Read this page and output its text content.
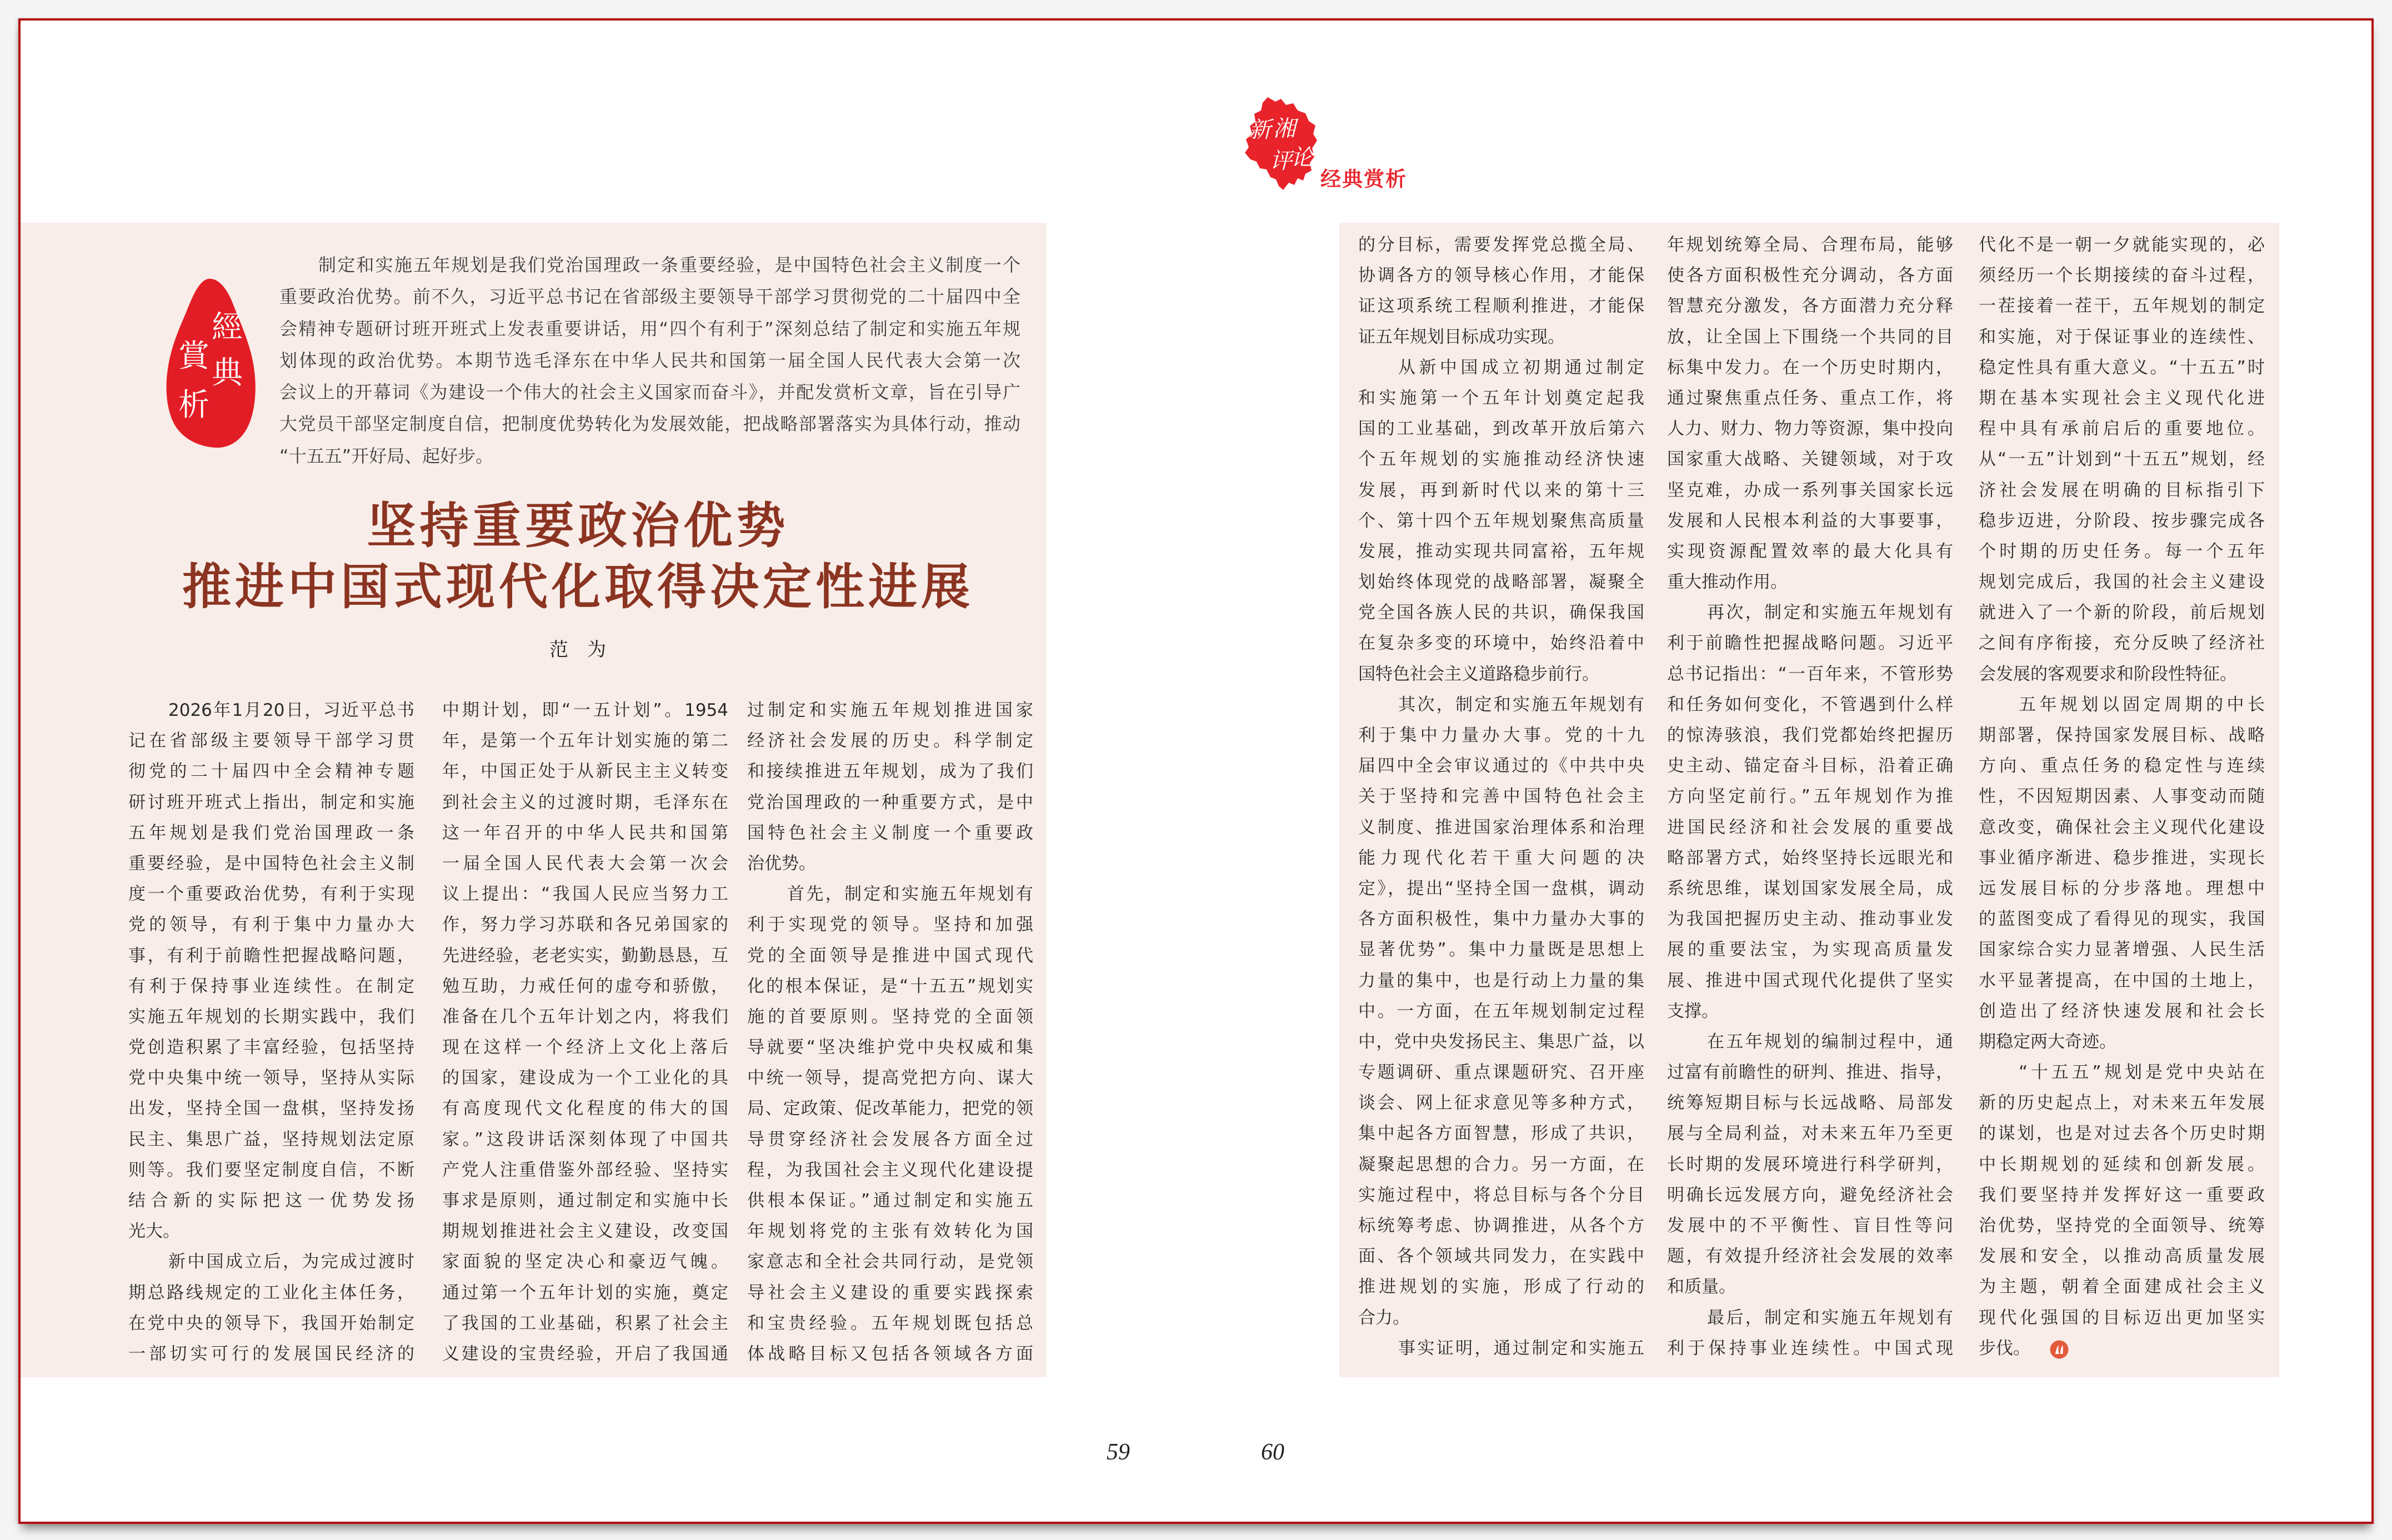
新 湘
评
论
经典赏析
經
典
賞
析
制定和实施五年规划是我们党治国理政一条重要经验，是中国特色社会主义制度一个
重要政治优势。前不久，习近平总书记在省部级主要领导干部学习贯彻党的二十届四中全
会精神专题研讨班开班式上发表重要讲话，用“四个有利于”深刻总结了制定和实施五年规
划体现的政治优势。本期节选毛泽东在中华人民共和国第一届全国人民代表大会第一次
会议上的开幕词《为建设一个伟大的社会主义国家而奋斗》，并配发赏析文章，旨在引导广
大党员干部坚定制度自信，把制度优势转化为发展效能，把战略部署落实为具体行动，推动
“十五五”开好局、起好步。
坚持重要政治优势
推进中国式现代化取得决定性进展
范　为
2026年1月20日，习近平总书
记在省部级主要领导干部学习贯
彻党的二十届四中全会精神专题
研讨班开班式上指出，制定和实施
五年规划是我们党治国理政一条
重要经验，是中国特色社会主义制
度一个重要政治优势，有利于实现
党的领导，有利于集中力量办大
事，有利于前瞻性把握战略问题，
有利于保持事业连续性。在制定
实施五年规划的长期实践中，我们
党创造积累了丰富经验，包括坚持
党中央集中统一领导，坚持从实际
出发，坚持全国一盘棋，坚持发扬
民主、集思广益，坚持规划法定原
则等。我们要坚定制度自信，不断
结合新的实际把这一优势发扬
光大。
新中国成立后，为完成过渡时
期总路线规定的工业化主体任务，
在党中央的领导下，我国开始制定
一部切实可行的发展国民经济的
中期计划，即“一五计划”。1954
年，是第一个五年计划实施的第二
年，中国正处于从新民主主义转变
到社会主义的过渡时期，毛泽东在
这一年召开的中华人民共和国第
一届全国人民代表大会第一次会
议上提出：“我国人民应当努力工
作，努力学习苏联和各兄弟国家的
先进经验，老老实实，勤勤恳恳，互
勉互助，力戒任何的虚夸和骄傲，
准备在几个五年计划之内，将我们
现在这样一个经济上文化上落后
的国家，建设成为一个工业化的具
有高度现代文化程度的伟大的国
家。”这段讲话深刻体现了中国共
产党人注重借鉴外部经验、坚持实
事求是原则，通过制定和实施中长
期规划推进社会主义建设，改变国
家面貌的坚定决心和豪迈气魄。
通过第一个五年计划的实施，奠定
了我国的工业基础，积累了社会主
义建设的宝贵经验，开启了我国通
过制定和实施五年规划推进国家
经济社会发展的历史。科学制定
和接续推进五年规划，成为了我们
党治国理政的一种重要方式，是中
国特色社会主义制度一个重要政
治优势。
首先，制定和实施五年规划有
利于实现党的领导。坚持和加强
党的全面领导是推进中国式现代
化的根本保证，是“十五五”规划实
施的首要原则。坚持党的全面领
导就要“坚决维护党中央权威和集
中统一领导，提高党把方向、谋大
局、定政策、促改革能力，把党的领
导贯穿经济社会发展各方面全过
程，为我国社会主义现代化建设提
供根本保证。”通过制定和实施五
年规划将党的主张有效转化为国
家意志和全社会共同行动，是党领
导社会主义建设的重要实践探索
和宝贵经验。五年规划既包括总
体战略目标又包括各领域各方面
的分目标，需要发挥党总揽全局、
协调各方的领导核心作用，才能保
证这项系统工程顺利推进，才能保
证五年规划目标成功实现。
从新中国成立初期通过制定
和实施第一个五年计划奠定起我
国的工业基础，到改革开放后第六
个五年规划的实施推动经济快速
发展，再到新时代以来的第十三
个、第十四个五年规划聚焦高质量
发展，推动实现共同富裕，五年规
划始终体现党的战略部署，凝聚全
党全国各族人民的共识，确保我国
在复杂多变的环境中，始终沿着中
国特色社会主义道路稳步前行。
其次，制定和实施五年规划有
利于集中力量办大事。党的十九
届四中全会审议通过的《中共中央
关于坚持和完善中国特色社会主
义制度、推进国家治理体系和治理
能力现代化若干重大问题的决
定》，提出“坚持全国一盘棋，调动
各方面积极性，集中力量办大事的
显著优势”。集中力量既是思想上
力量的集中，也是行动上力量的集
中。一方面，在五年规划制定过程
中，党中央发扬民主、集思广益，以
专题调研、重点课题研究、召开座
谈会、网上征求意见等多种方式，
集中起各方面智慧，形成了共识，
凝聚起思想的合力。另一方面，在
实施过程中，将总目标与各个分目
标统筹考虑、协调推进，从各个方
面、各个领域共同发力，在实践中
推进规划的实施，形成了行动的
合力。
事实证明，通过制定和实施五
年规划统筹全局、合理布局，能够
使各方面积极性充分调动，各方面
智慧充分激发，各方面潜力充分释
放，让全国上下围绕一个共同的目
标集中发力。在一个历史时期内，
通过聚焦重点任务、重点工作，将
人力、财力、物力等资源，集中投向
国家重大战略、关键领域，对于攻
坚克难，办成一系列事关国家长远
发展和人民根本利益的大事要事，
实现资源配置效率的最大化具有
重大推动作用。
再次，制定和实施五年规划有
利于前瞻性把握战略问题。习近平
总书记指出：“一百年来，不管形势
和任务如何变化，不管遇到什么样
的惊涛骇浪，我们党都始终把握历
史主动、锚定奋斗目标，沿着正确
方向坚定前行。”五年规划作为推
进国民经济和社会发展的重要战
略部署方式，始终坚持长远眼光和
系统思维，谋划国家发展全局，成
为我国把握历史主动、推动事业发
展的重要法宝，为实现高质量发
展、推进中国式现代化提供了坚实
支撑。
在五年规划的编制过程中，通
过富有前瞻性的研判、推进、指导，
统筹短期目标与长远战略、局部发
展与全局利益，对未来五年乃至更
长时期的发展环境进行科学研判，
明确长远发展方向，避免经济社会
发展中的不平衡性、盲目性等问
题，有效提升经济社会发展的效率
和质量。
最后，制定和实施五年规划有
利于保持事业连续性。中国式现
代化不是一朝一夕就能实现的，必
须经历一个长期接续的奋斗过程，
一茬接着一茬干，五年规划的制定
和实施，对于保证事业的连续性、
稳定性具有重大意义。“十五五”时
期在基本实现社会主义现代化进
程中具有承前启后的重要地位。
从“一五”计划到“十五五”规划，经
济社会发展在明确的目标指引下
稳步迈进，分阶段、按步骤完成各
个时期的历史任务。每一个五年
规划完成后，我国的社会主义建设
就进入了一个新的阶段，前后规划
之间有序衔接，充分反映了经济社
会发展的客观要求和阶段性特征。
五年规划以固定周期的中长
期部署，保持国家发展目标、战略
方向、重点任务的稳定性与连续
性，不因短期因素、人事变动而随
意改变，确保社会主义现代化建设
事业循序渐进、稳步推进，实现长
远发展目标的分步落地。理想中
的蓝图变成了看得见的现实，我国
国家综合实力显著增强、人民生活
水平显著提高，在中国的土地上，
创造出了经济快速发展和社会长
期稳定两大奇迹。
“十五五”规划是党中央站在
新的历史起点上，对未来五年发展
的谋划，也是对过去各个历史时期
中长期规划的延续和创新发展。
我们要坚持并发挥好这一重要政
治优势，坚持党的全面领导、统筹
发展和安全，以推动高质量发展
为主题，朝着全面建成社会主义
现代化强国的目标迈出更加坚实
步伐。
59	60
